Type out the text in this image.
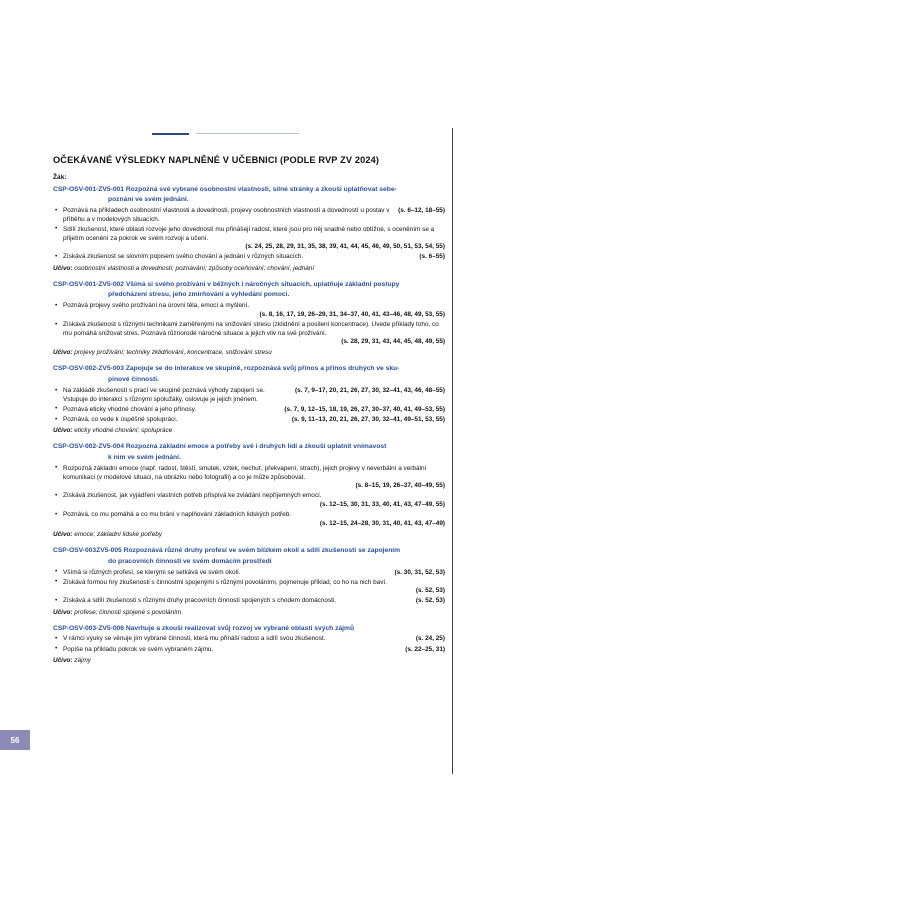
OČEKÁVANÉ VÝSLEDKY NAPLNĚNÉ V UČEBNICI (PODLE RVP ZV 2024)
Žák:
CSP-OSV-001-ZV5-001 Rozpozná své vybrané osobnostní vlastnosti, silné stránky a zkouší uplatňovat sebe-
poznání ve svém jednání.
• (s. 6–12, 18–55)
Poznává na příkladech osobnostní vlastnosti a dovednosti, projevy osobnostních vlastností a dovedností u postav v příběhu a v modelových situacích.
• Sdílí zkušenost, které oblasti rozvoje jeho dovedností mu přinášejí radost, které jsou pro něj snadné nebo obtížné, s oceněním se a přijetím ocenění za pokrok ve svém rozvoji a učení.
(s. 24, 25, 28, 29, 31, 35, 38, 39, 41, 44, 45, 46, 49, 50, 51, 53, 54, 55)
• (s. 6–55)
Získává zkušenost se slovním popisem svého chování a jednání v různých situacích.
Učivo: osobnostní vlastnosti a dovednosti; poznávání; způsoby oceňování; chování, jednání
CSP-OSV-001-ZV5-002 Všímá si svého prožívání v běžných i náročných situacích, uplatňuje základní postupy
předcházení stresu, jeho zmírňování a vyhledání pomoci.
• Poznává projevy svého prožívání na úrovni těla, emocí a myšlení.
(s. 8, 16, 17, 19, 26–29, 31, 34–37, 40, 41, 43–46, 48, 49, 53, 55)
• Získává zkušenost s různými technikami zaměřenými na snižování stresu (zklidnění a posílení koncentrace). Uvede příklady toho, co mu pomáhá snižovat stres. Poznává různorodé náročné situace a jejich vliv na své prožívání.
(s. 28, 29, 31, 43, 44, 45, 48, 49, 55)
Učivo: projevy prožívání; techniky zklidňování, koncentrace, snižování stresu
CSP-OSV-002-ZV5-003 Zapojuje se do interakce ve skupině, rozpoznává svůj přínos a přínos druhých ve sku-
pinové činnosti.
• (s. 7, 9–17, 20, 21, 26, 27, 30, 32–41, 43, 46, 48–55)
Na základě zkušeností s prací ve skupině poznává výhody zapojení se. Vstupuje do interakcí s různými spolužáky, oslovuje je jejich jménem.
• (s. 7, 9, 12–15, 18, 19, 26, 27, 30–37, 40, 41, 49–53, 55)
Poznává eticky vhodné chování a jeho přínosy.
• (s. 9, 11–13, 20, 21, 26, 27, 30, 32–41, 49–51, 53, 55)
Poznává, co vede k úspěšné spolupráci.
Učivo: eticky vhodné chování; spolupráce
CSP-OSV-002-ZV5-004 Rozpozná základní emoce a potřeby své i druhých lidí a zkouší uplatnit vnímavost
k nim ve svém jednání.
• Rozpozná základní emoce (např. radost, štěstí, smutek, vztek, nechuť, překvapení, strach), jejich projevy v neverbální a verbální komunikaci (v modelové situaci, na obrázku nebo fotografii) a co je může způsobovat.
(s. 8–15, 19, 26–37, 40–49, 55)
• Získává zkušenost, jak vyjádření vlastních potřeb přispívá ke zvládání nepříjemných emocí.
(s. 12–15, 30, 31, 33, 40, 41, 43, 47–49, 55)
• Poznává, co mu pomáhá a co mu brání v naplňování základních lidských potřeb.
(s. 12–15, 24–28, 30, 31, 40, 41, 43, 47–49)
Učivo: emoce; základní lidské potřeby
CSP-OSV-003ZV5-005 Rozpoznává různé druhy profesí ve svém blízkém okolí a sdílí zkušenosti se zapojením
do pracovních činností ve svém domácím prostředí
• (s. 30, 31, 52, 53)
Všímá si různých profesí, se kterými se setkává ve svém okolí.
• Získává formou hry zkušenosti s činnostmi spojenými s různými povoláními, pojmenuje příklad, co ho na nich baví.
(s. 52, 53)
• (s. 52, 53)
Získává a sdílí zkušenosti s různými druhy pracovních činností spojených s chodem domácnosti.
Učivo: profese; činnosti spojené s povoláním
CSP-OSV-003-ZV5-006 Navrhuje a zkouší realizovat svůj rozvoj ve vybrané oblasti svých zájmů
• (s. 24, 25)
V rámci výuky se věnuje jím vybrané činnosti, která mu přináší radost a sdílí svou zkušenost.
• (s. 22–25, 31)
Popíše na příkladu pokrok ve svém vybraném zájmu.
Učivo: zájmy
56
